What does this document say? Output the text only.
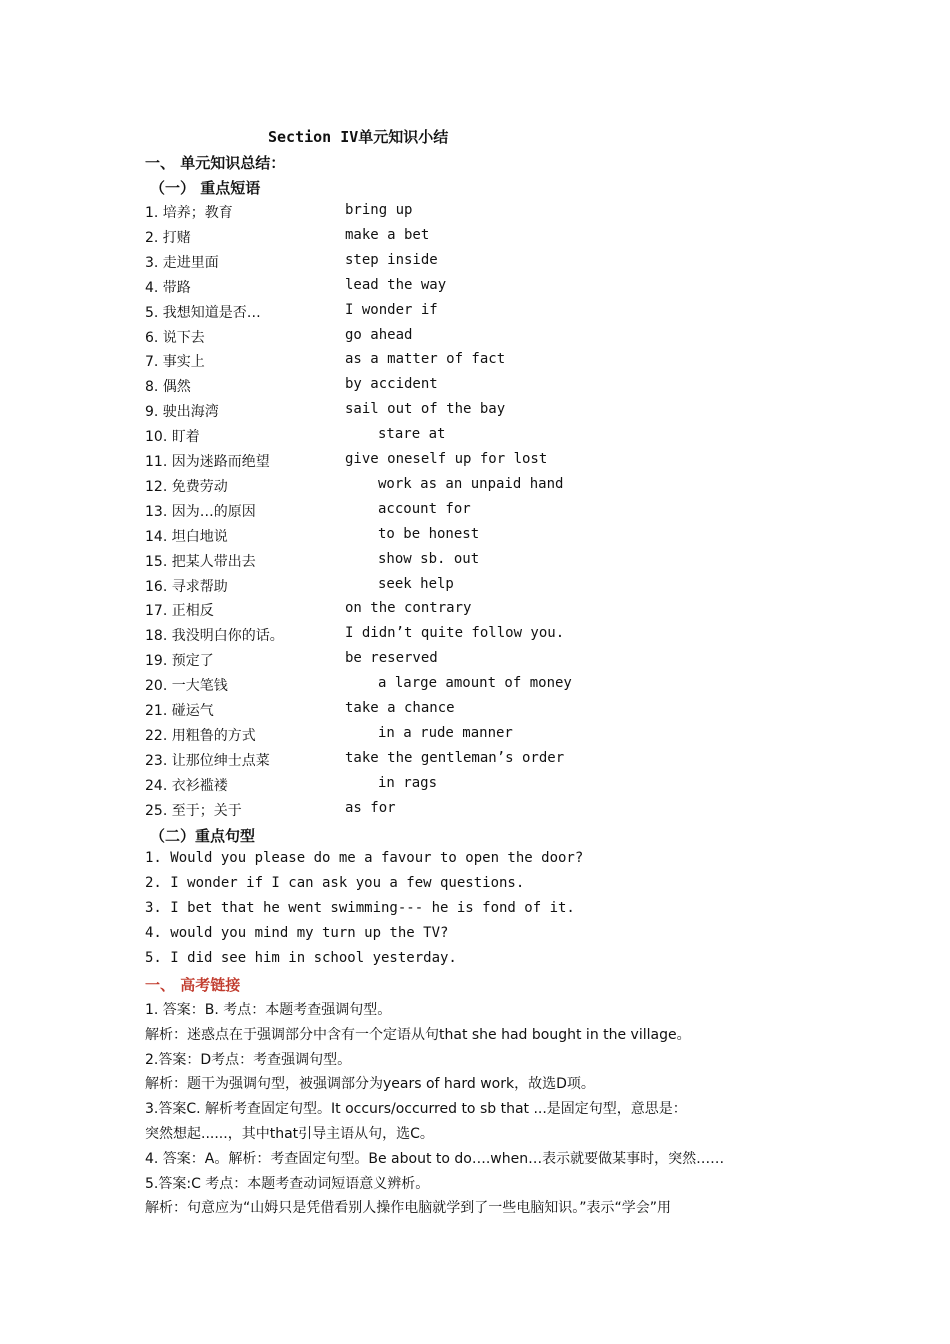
Section IV单元知识小结
一、 单元知识总结：
（一） 重点短语
1. 培养；教育	bring up
2. 打赌	make a bet
3. 走进里面	step inside
4. 带路	lead the way
5. 我想知道是否…	I wonder if
6. 说下去	go ahead
7. 事实上	as a matter of fact
8. 偶然	by accident
9. 驶出海湾	sail out of the bay
10. 盯着	stare at
11. 因为迷路而绝望	give oneself up for lost
12. 免费劳动	work as an unpaid hand
13. 因为…的原因	account for
14. 坦白地说	to be honest
15. 把某人带出去	show sb. out
16. 寻求帮助	seek help
17. 正相反	on the contrary
18. 我没明白你的话。	I didn’t quite follow you.
19. 预定了	be reserved
20. 一大笔钱	a large amount of money
21. 碰运气	take a chance
22. 用粗鲁的方式	in a rude manner
23. 让那位绅士点菜	take the gentleman’s order
24. 衣衫褴褛	in rags
25. 至于；关于	as for
（二）重点句型
1. Would you please do me a favour to open the door?
2. I wonder if I can ask you a few questions.
3. I bet that he went swimming--- he is fond of it.
4. would you mind my turn up the TV?
5. I did see him in school yesterday.
一、 高考链接
1. 答案：B. 考点：本题考查强调句型。
解析：迷惑点在于强调部分中含有一个定语从句that she had bought in the village。
2.答案：D考点：考查强调句型。
解析：题干为强调句型，被强调部分为years of hard work，故选D项。
3.答案C. 解析考查固定句型。It occurs/occurred to sb that ...是固定句型，意思是：
突然想起......，其中that引导主语从句，选C。
4. 答案：A。解析：考查固定句型。Be about to do….when…表示就要做某事时，突然……
5.答案:C 考点：本题考查动词短语意义辨析。
解析：句意应为“山姆只是凭借看别人操作电脑就学到了一些电脑知识。”表示“学会”用
